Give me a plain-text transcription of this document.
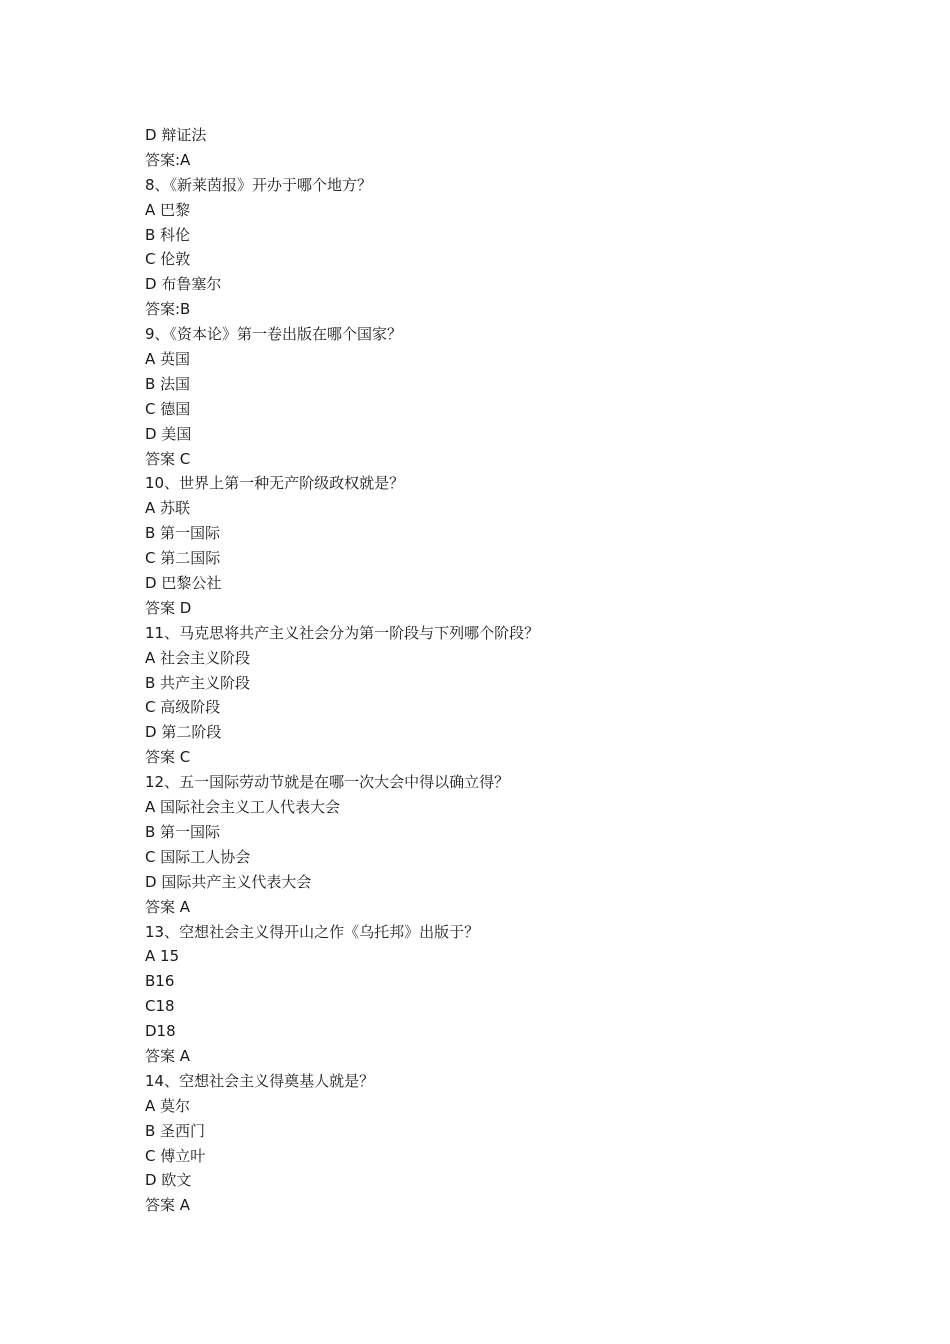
D 辩证法
答案:A
8、《新莱茵报》开办于哪个地方？
A 巴黎
B 科伦
C 伦敦
D 布鲁塞尔
答案:B
9、《资本论》第一卷出版在哪个国家？
A 英国
B 法国
C 德国
D 美国
答案 C
10、世界上第一种无产阶级政权就是？
A 苏联
B 第一国际
C 第二国际
D 巴黎公社
答案 D
11、马克思将共产主义社会分为第一阶段与下列哪个阶段？
A 社会主义阶段
B 共产主义阶段
C 高级阶段
D 第二阶段
答案 C
12、五一国际劳动节就是在哪一次大会中得以确立得？
A 国际社会主义工人代表大会
B 第一国际
C 国际工人协会
D 国际共产主义代表大会
答案 A
13、空想社会主义得开山之作《乌托邦》出版于？
A 15
B16
C18
D18
答案 A
14、空想社会主义得奠基人就是？
A 莫尔
B 圣西门
C 傅立叶
D 欧文
答案 A
